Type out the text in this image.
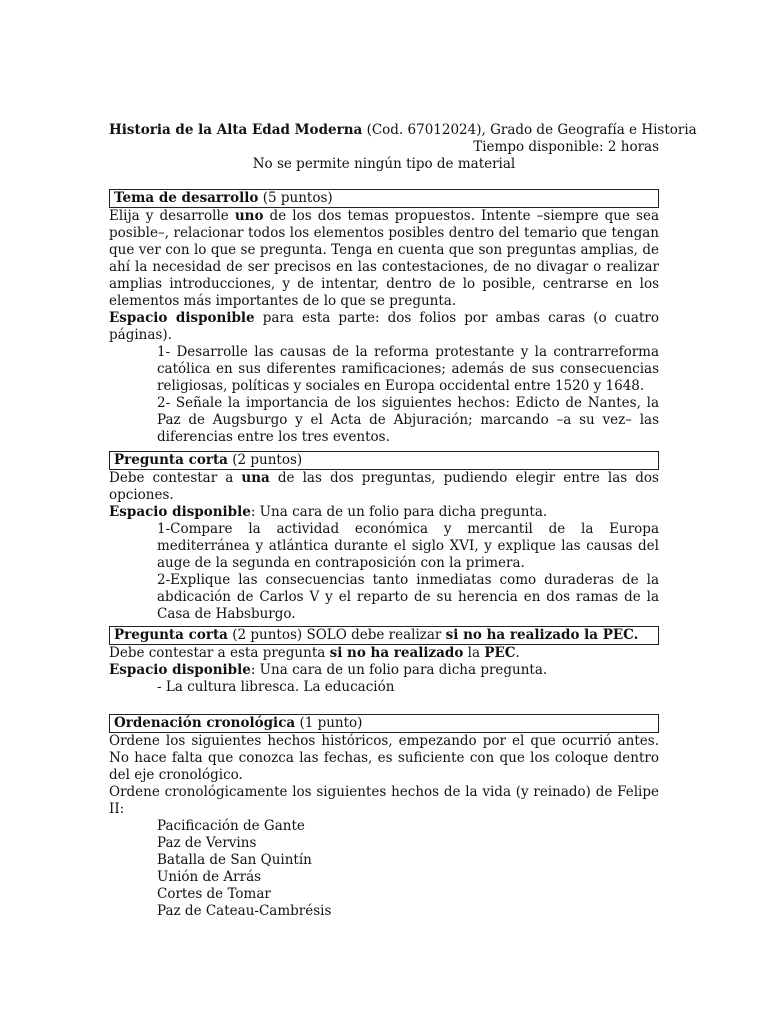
Historia de la Alta Edad Moderna (Cod. 67012024), Grado de Geografía e Historia
Tiempo disponible: 2 horas
No se permite ningún tipo de material
Tema de desarrollo (5 puntos)
Elija y desarrolle uno de los dos temas propuestos. Intente –siempre que sea posible–, relacionar todos los elementos posibles dentro del temario que tengan que ver con lo que se pregunta. Tenga en cuenta que son preguntas amplias, de ahí la necesidad de ser precisos en las contestaciones, de no divagar o realizar amplias introducciones, y de intentar, dentro de lo posible, centrarse en los elementos más importantes de lo que se pregunta.
Espacio disponible para esta parte: dos folios por ambas caras (o cuatro páginas).
1- Desarrolle las causas de la reforma protestante y la contrarreforma católica en sus diferentes ramificaciones; además de sus consecuencias religiosas, políticas y sociales en Europa occidental entre 1520 y 1648.
2- Señale la importancia de los siguientes hechos: Edicto de Nantes, la Paz de Augsburgo y el Acta de Abjuración; marcando –a su vez– las diferencias entre los tres eventos.
Pregunta corta (2 puntos)
Debe contestar a una de las dos preguntas, pudiendo elegir entre las dos opciones.
Espacio disponible: Una cara de un folio para dicha pregunta.
1-Compare la actividad económica y mercantil de la Europa mediterránea y atlántica durante el siglo XVI, y explique las causas del auge de la segunda en contraposición con la primera.
2-Explique las consecuencias tanto inmediatas como duraderas de la abdicación de Carlos V y el reparto de su herencia en dos ramas de la Casa de Habsburgo.
Pregunta corta (2 puntos) SOLO debe realizar si no ha realizado la PEC.
Debe contestar a esta pregunta si no ha realizado la PEC.
Espacio disponible: Una cara de un folio para dicha pregunta.
- La cultura libresca. La educación
Ordenación cronológica (1 punto)
Ordene los siguientes hechos históricos, empezando por el que ocurrió antes. No hace falta que conozca las fechas, es suficiente con que los coloque dentro del eje cronológico.
Ordene cronológicamente los siguientes hechos de la vida (y reinado) de Felipe II:
Pacificación de Gante
Paz de Vervins
Batalla de San Quintín
Unión de Arrás
Cortes de Tomar
Paz de Cateau-Cambrésis
